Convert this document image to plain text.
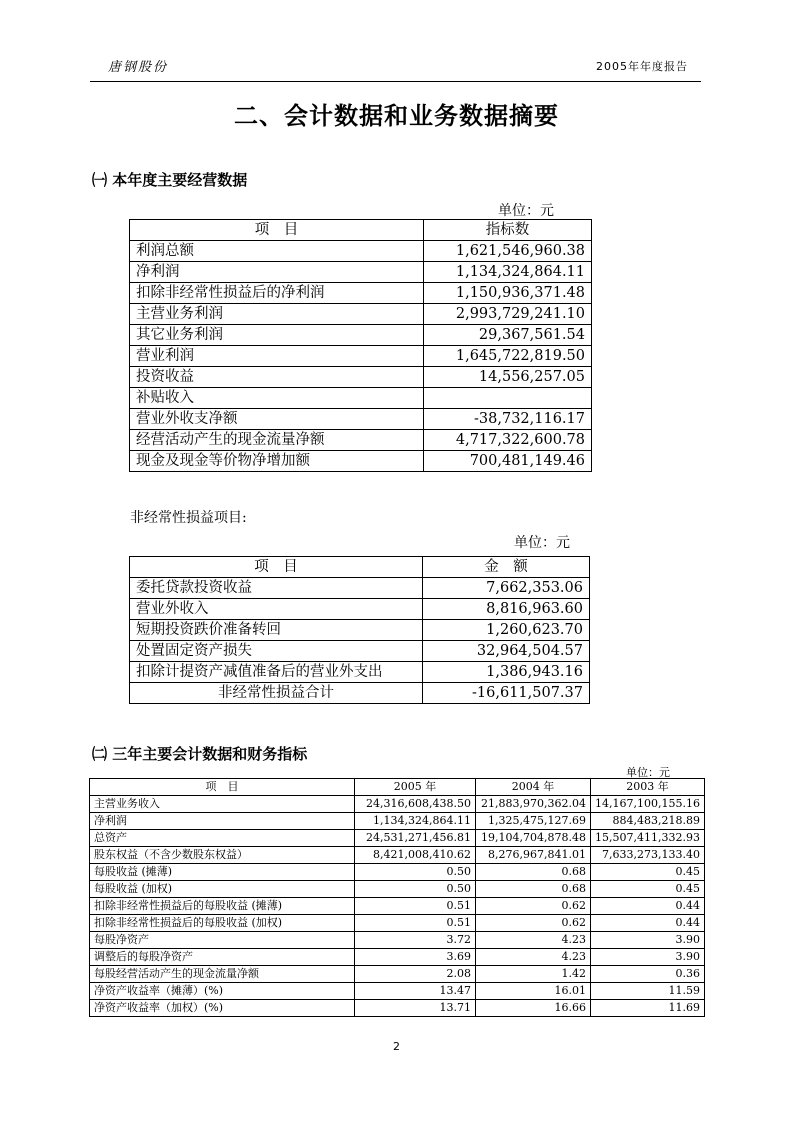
唐钢股份	2005年年度报告
二、会计数据和业务数据摘要
㈠ 本年度主要经营数据
单位：元
项　目	指标数
利润总额	1,621,546,960.38
净利润	1,134,324,864.11
扣除非经常性损益后的净利润	1,150,936,371.48
主营业务利润	2,993,729,241.10
其它业务利润	29,367,561.54
营业利润	1,645,722,819.50
投资收益	14,556,257.05
补贴收入	
营业外收支净额	-38,732,116.17
经营活动产生的现金流量净额	4,717,322,600.78
现金及现金等价物净增加额	700,481,149.46
非经常性损益项目:
单位：元
项　目	金　额
委托贷款投资收益	7,662,353.06
营业外收入	8,816,963.60
短期投资跌价准备转回	1,260,623.70
处置固定资产损失	32,964,504.57
扣除计提资产减值准备后的营业外支出	1,386,943.16
非经常性损益合计	-16,611,507.37
㈡ 三年主要会计数据和财务指标
单位：元
项　目	2005 年	2004 年	2003 年
主营业务收入	24,316,608,438.50	21,883,970,362.04	14,167,100,155.16
净利润	1,134,324,864.11	1,325,475,127.69	884,483,218.89
总资产	24,531,271,456.81	19,104,704,878.48	15,507,411,332.93
股东权益（不含少数股东权益）	8,421,008,410.62	8,276,967,841.01	7,633,273,133.40
每股收益 (摊薄)	0.50	0.68	0.45
每股收益 (加权)	0.50	0.68	0.45
扣除非经常性损益后的每股收益 (摊薄)	0.51	0.62	0.44
扣除非经常性损益后的每股收益 (加权)	0.51	0.62	0.44
每股净资产	3.72	4.23	3.90
调整后的每股净资产	3.69	4.23	3.90
每股经营活动产生的现金流量净额	2.08	1.42	0.36
净资产收益率（摊薄）(%)	13.47	16.01	11.59
净资产收益率（加权）(%)	13.71	16.66	11.69
2
